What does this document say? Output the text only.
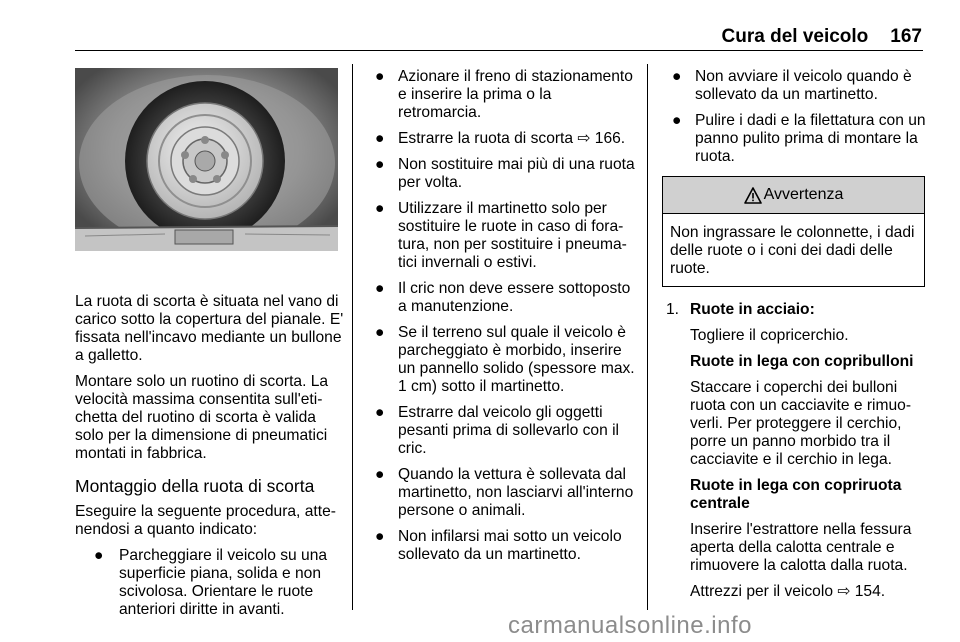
Cura del veicolo 167

La ruota di scorta è situata nel vano di carico sotto la copertura del pianale. E' fissata nell'incavo mediante un bullone a galletto.

Montare solo un ruotino di scorta. La velocità massima consentita sull'etichetta del ruotino di scorta è valida solo per la dimensione di pneumatici montati in fabbrica.

Montaggio della ruota di scorta

Eseguire la seguente procedura, attenendosi a quanto indicato:

● Parcheggiare il veicolo su una superficie piana, solida e non scivolosa. Orientare le ruote anteriori diritte in avanti.
● Azionare il freno di stazionamento e inserire la prima o la retromarcia.
● Estrarre la ruota di scorta ⇨ 166.
● Non sostituire mai più di una ruota per volta.
● Utilizzare il martinetto solo per sostituire le ruote in caso di foratura, non per sostituire i pneumatici invernali o estivi.
● Il cric non deve essere sottoposto a manutenzione.
● Se il terreno sul quale il veicolo è parcheggiato è morbido, inserire un pannello solido (spessore max. 1 cm) sotto il martinetto.
● Estrarre dal veicolo gli oggetti pesanti prima di sollevarlo con il cric.
● Quando la vettura è sollevata dal martinetto, non lasciarvi all'interno persone o animali.
● Non infilarsi mai sotto un veicolo sollevato da un martinetto.
● Non avviare il veicolo quando è sollevato da un martinetto.
● Pulire i dadi e la filettatura con un panno pulito prima di montare la ruota.
Avvertenza
Non ingrassare le colonnette, i dadi delle ruote o i coni dei dadi delle ruote.
1. Ruote in acciaio:

Togliere il copricerchio.

Ruote in lega con copribulloni

Staccare i coperchi dei bulloni ruota con un cacciavite e rimuoverli. Per proteggere il cerchio, porre un panno morbido tra il cacciavite e il cerchio in lega.

Ruote in lega con copriruota centrale

Inserire l'estrattore nella fessura aperta della calotta centrale e rimuovere la calotta dalla ruota.

Attrezzi per il veicolo ⇨ 154.

carmanualsonline.info
